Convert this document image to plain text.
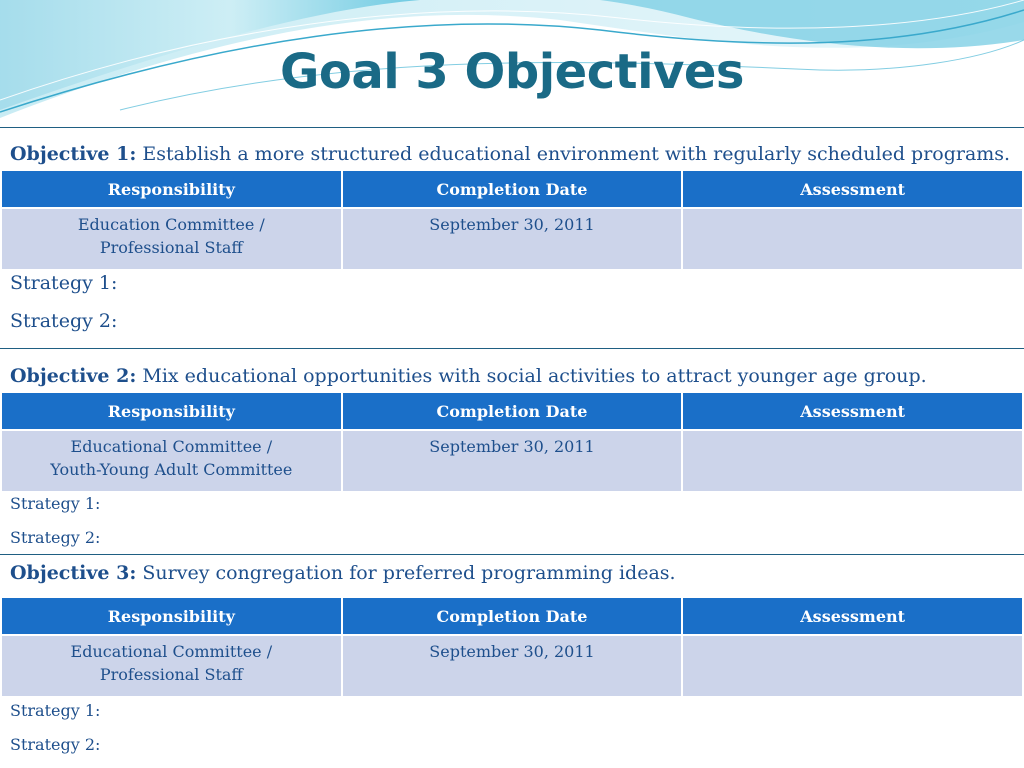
Goal 3 Objectives
Objective 1: Establish a more structured educational environment with regularly scheduled programs.
Responsibility	Completion Date	Assessment
Education Committee /
Professional Staff	September 30, 2011	
Strategy 1:
Strategy 2:
Objective 2: Mix educational opportunities with social activities to attract younger age group.
Responsibility	Completion Date	Assessment
Educational Committee /
Youth-Young Adult Committee	September 30, 2011	
Strategy 1:
Strategy 2:
Objective 3: Survey congregation for preferred programming ideas.
Responsibility	Completion Date	Assessment
Educational Committee /
Professional Staff	September 30, 2011	
Strategy 1:
Strategy 2:
